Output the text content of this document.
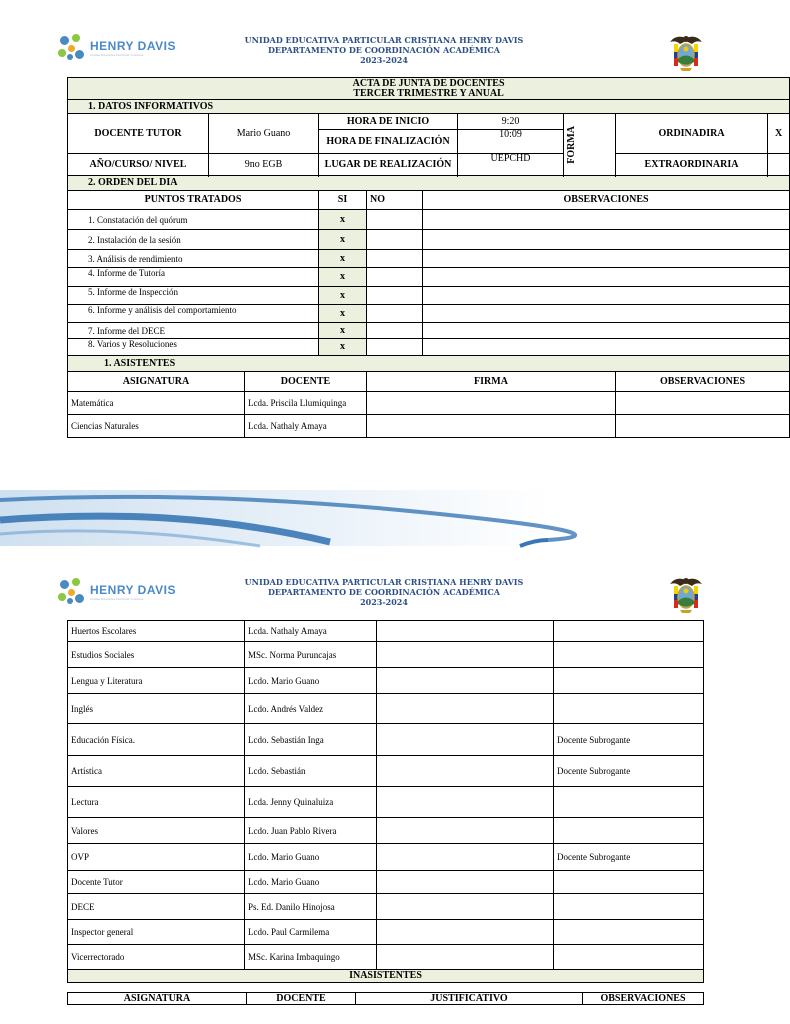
HENRY DAVIS
Unidad Educativa Particular Cristiana
UNIDAD EDUCATIVA PARTICULAR CRISTIANA HENRY DAVIS
DEPARTAMENTO DE COORDINACIÓN ACADÉMICA
2023-2024
ACTA DE JUNTA DE DOCENTES
TERCER TRIMESTRE Y ANUAL									

1. DATOS INFORMATIVOS									
DOCENTE TUTOR	Mario Guano		HORA DE INICIO			9:20	FORMA	ORDINADIRA	X
			HORA DE FINALIZACIÓN			10:09			
AÑO/CURSO/ NIVEL	9no EGB		LUGAR DE REALIZACIÓN			UEPCHD		EXTRAORDINARIA	

2. ORDEN DEL DIA									
PUNTOS TRATADOS			SI	NO	OBSERVACIONES				
1. Constatación del quórum			x						
2. Instalación de la sesión			x						
3. Análisis de rendimiento			x						
4. Informe de Tutoría			x						
5. Informe de Inspección			x						
6. Informe y análisis del comportamiento			x						
7. Informe del DECE			x						
8. Varios y Resoluciones			x						
1. ASISTENTES									
ASIGNATURA		DOCENTE		FIRMA				OBSERVACIONES	
Matemática		Lcda. Priscila Llumiquinga							
Ciencias Naturales		Lcda. Nathaly Amaya							
HENRY DAVIS
Unidad Educativa Particular Cristiana
UNIDAD EDUCATIVA PARTICULAR CRISTIANA HENRY DAVIS
DEPARTAMENTO DE COORDINACIÓN ACADÉMICA
2023-2024
Huertos Escolares	Lcda. Nathaly Amaya		
Estudios Sociales	MSc. Norma Puruncajas		
Lengua y Literatura	Lcdo. Mario Guano		
Inglés	Lcdo. Andrés Valdez		
Educación Física.	Lcdo. Sebastián Inga		Docente Subrogante
Artística	Lcdo. Sebastián		Docente Subrogante
Lectura	Lcda. Jenny Quinaluiza		
Valores	Lcdo. Juan Pablo Rivera		
OVP	Lcdo. Mario Guano		Docente Subrogante
Docente Tutor	Lcdo. Mario Guano		
DECE	Ps. Ed. Danilo Hinojosa		
Inspector general	Lcdo. Paul Carmilema		
Vicerrectorado	MSc. Karina Imbaquingo		
INASISTENTES			
ASIGNATURA	DOCENTE	JUSTIFICATIVO	OBSERVACIONES
